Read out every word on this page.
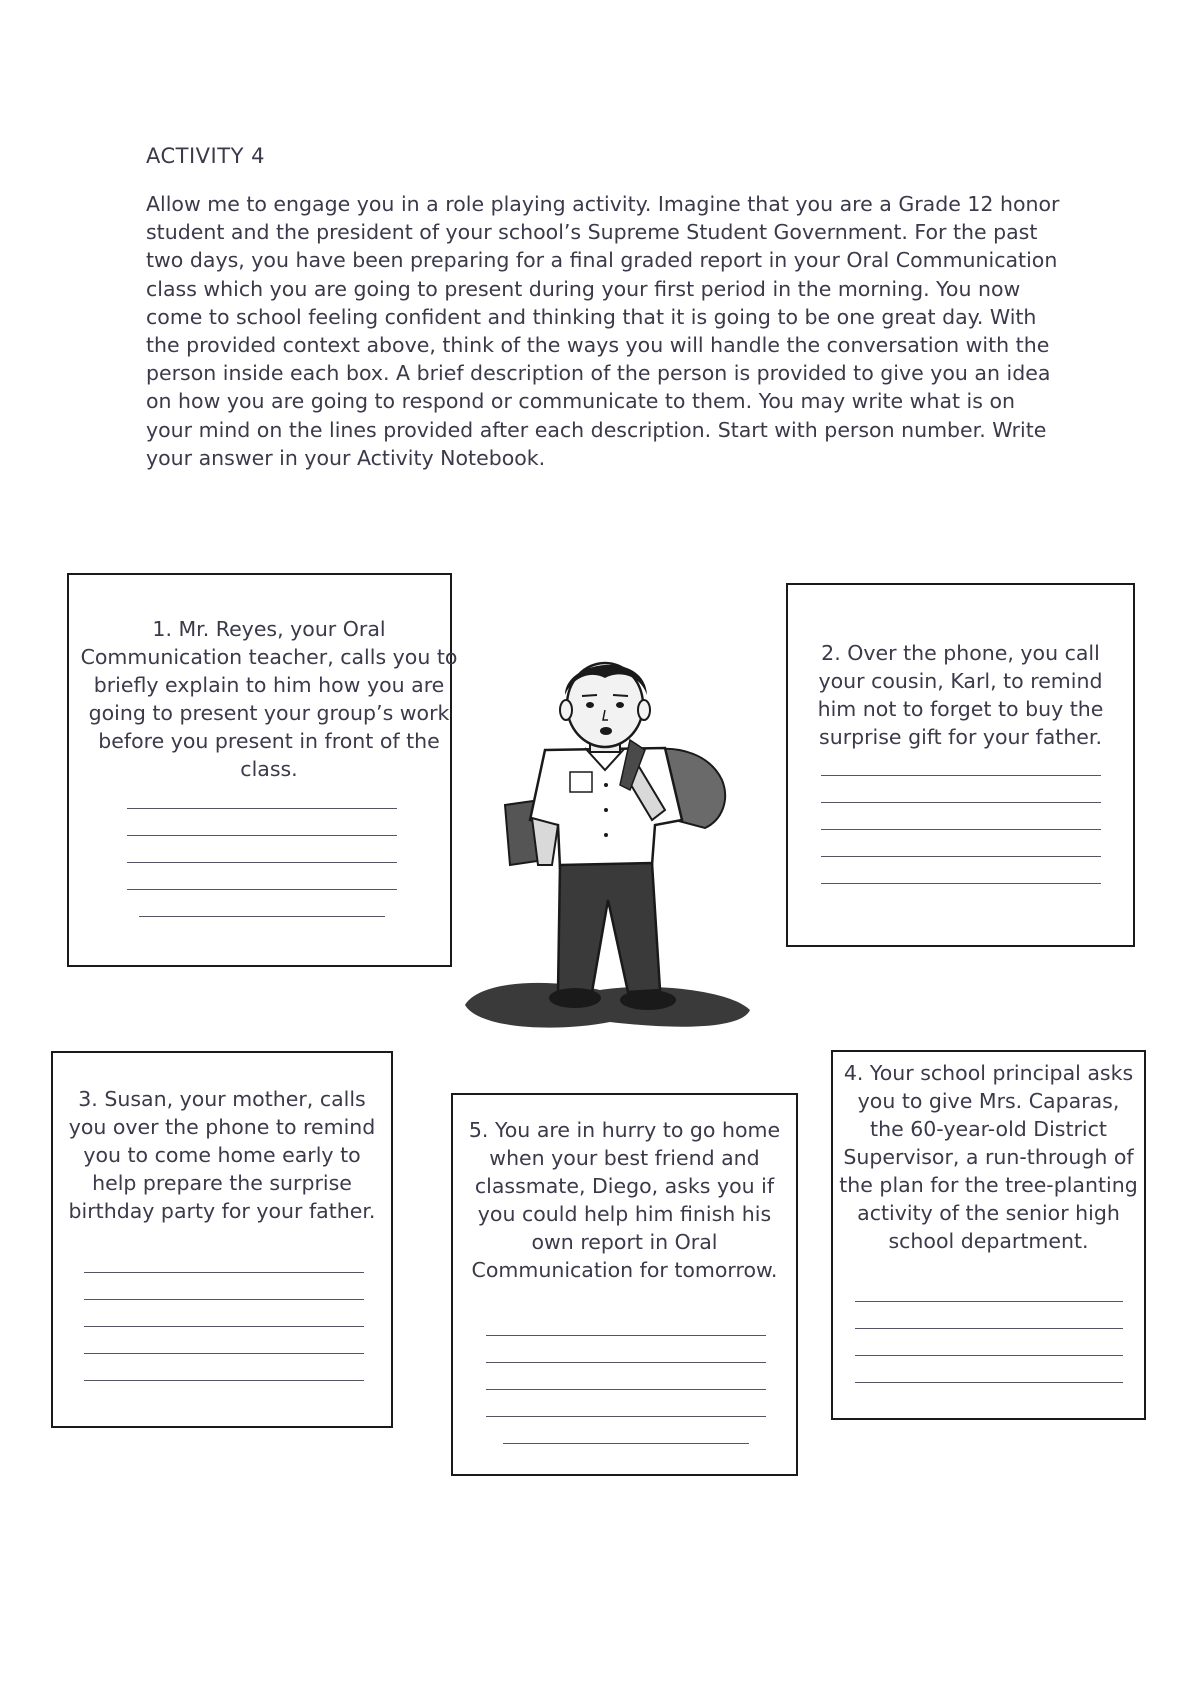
ACTIVITY 4

Allow me to engage you in a role playing activity. Imagine that you are a Grade 12 honor student and the president of your school’s Supreme Student Government. For the past two days, you have been preparing for a final graded report in your Oral Communication class which you are going to present during your first period in the morning. You now come to school feeling confident and thinking that it is going to be one great day. With the provided context above, think of the ways you will handle the conversation with the person inside each box. A brief description of the person is provided to give you an idea on how you are going to respond or communicate to them. You may write what is on your mind on the lines provided after each description. Start with person number. Write your answer in your Activity Notebook.

1. Mr. Reyes, your Oral Communication teacher, calls you to briefly explain to him how you are going to present your group’s work before you present in front of the class.

2. Over the phone, you call your cousin, Karl, to remind him not to forget to buy the surprise gift for your father.

3. Susan, your mother, calls you over the phone to remind you to come home early to help prepare the surprise birthday party for your father.

4. Your school principal asks you to give Mrs. Caparas, the 60-year-old District Supervisor, a run-through of the plan for the tree-planting activity of the senior high school department.

5. You are in hurry to go home when your best friend and classmate, Diego, asks you if you could help him finish his own report in Oral Communication for tomorrow.
